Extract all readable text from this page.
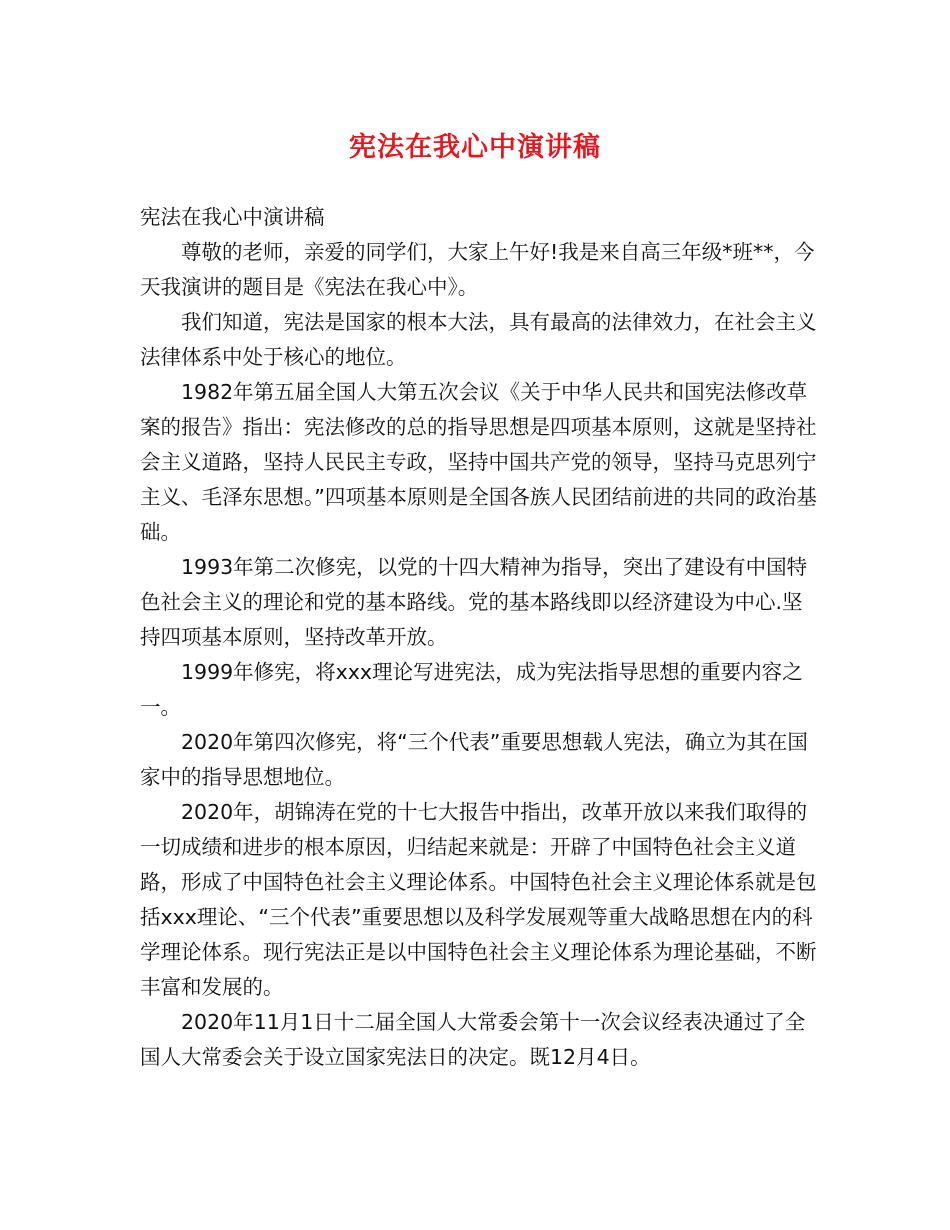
宪法在我心中演讲稿

宪法在我心中演讲稿

尊敬的老师，亲爱的同学们，大家上午好!我是来自高三年级*班**，今天我演讲的题目是《宪法在我心中》。

我们知道，宪法是国家的根本大法，具有最高的法律效力，在社会主义法律体系中处于核心的地位。

1982年第五届全国人大第五次会议《关于中华人民共和国宪法修改草案的报告》指出：宪法修改的总的指导思想是四项基本原则，这就是坚持社会主义道路，坚持人民民主专政，坚持中国共产党的领导，坚持马克思列宁主义、毛泽东思想。”四项基本原则是全国各族人民团结前进的共同的政治基础。

1993年第二次修宪，以党的十四大精神为指导，突出了建设有中国特色社会主义的理论和党的基本路线。党的基本路线即以经济建设为中心.坚持四项基本原则，坚持改革开放。

1999年修宪，将xxx理论写进宪法，成为宪法指导思想的重要内容之一。

2020年第四次修宪，将“三个代表”重要思想载人宪法，确立为其在国家中的指导思想地位。

2020年，胡锦涛在党的十七大报告中指出，改革开放以来我们取得的一切成绩和进步的根本原因，归结起来就是：开辟了中国特色社会主义道路，形成了中国特色社会主义理论体系。中国特色社会主义理论体系就是包括xxx理论、“三个代表”重要思想以及科学发展观等重大战略思想在内的科学理论体系。现行宪法正是以中国特色社会主义理论体系为理论基础，不断丰富和发展的。

2020年11月1日十二届全国人大常委会第十一次会议经表决通过了全国人大常委会关于设立国家宪法日的决定。既12月4日。
